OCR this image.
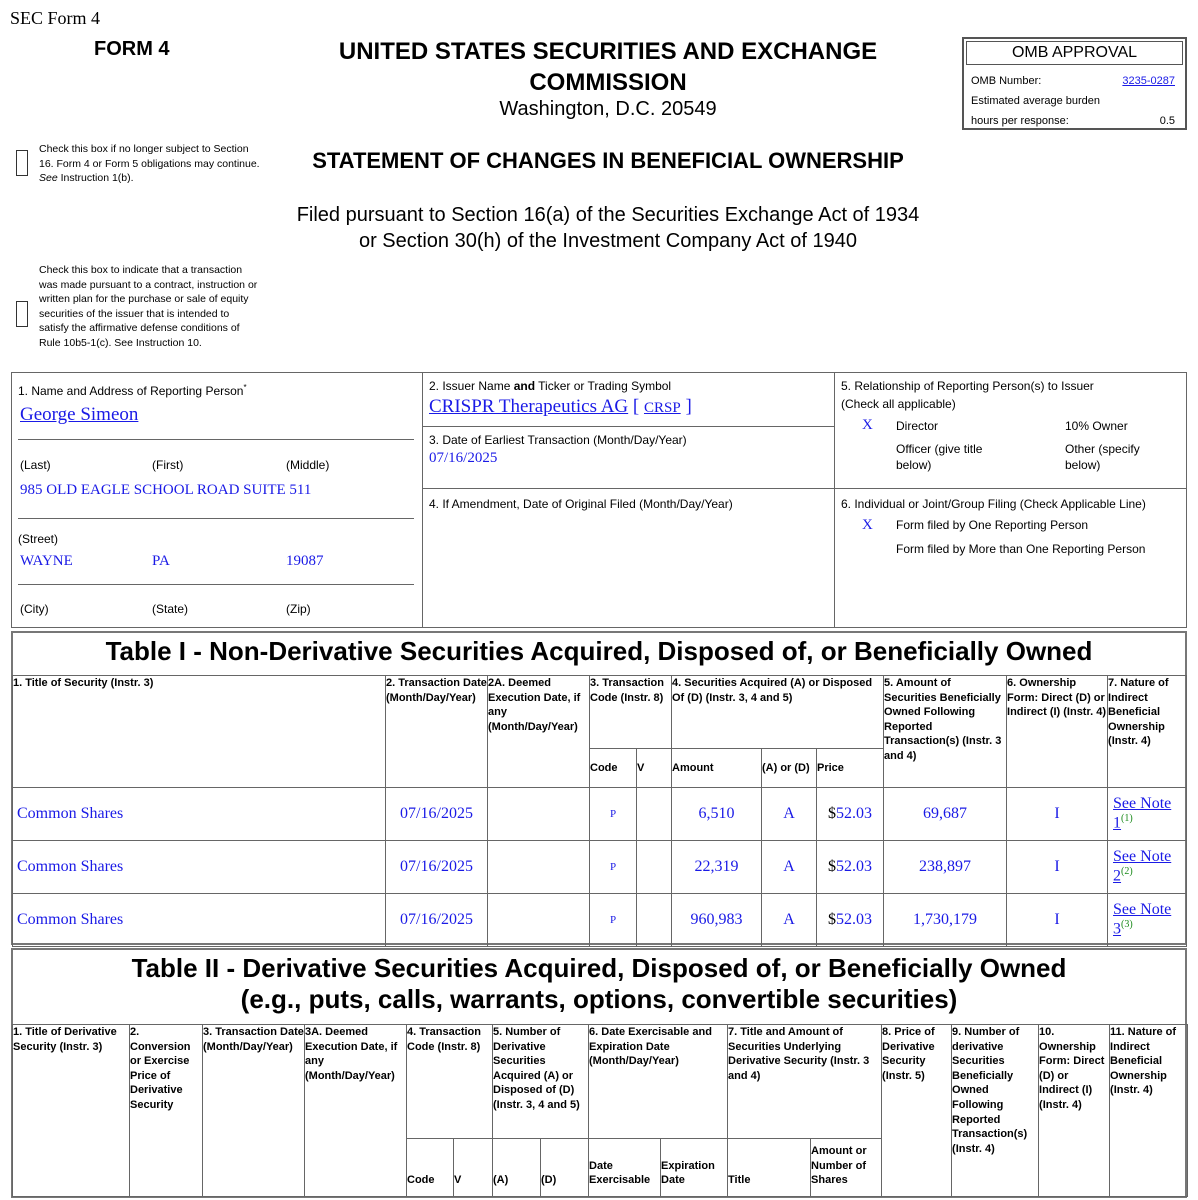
SEC Form 4
FORM 4	UNITED STATES SECURITIES AND EXCHANGE
COMMISSION
Washington, D.C. 20549
STATEMENT OF CHANGES IN BENEFICIAL OWNERSHIP
Filed pursuant to Section 16(a) of the Securities Exchange Act of 1934
or Section 30(h) of the Investment Company Act of 1940
OMB APPROVAL
OMB Number:	3235-0287
Estimated average burden
hours per response:	0.5
Check this box if no longer subject to Section 16. Form 4 or Form 5 obligations may continue. See Instruction 1(b).
Check this box to indicate that a transaction was made pursuant to a contract, instruction or written plan for the purchase or sale of equity securities of the issuer that is intended to satisfy the affirmative defense conditions of Rule 10b5-1(c). See Instruction 10.
1. Name and Address of Reporting Person*
George Simeon
(Last)	(First)	(Middle)
985 OLD EAGLE SCHOOL ROAD SUITE 511
(Street)
WAYNE	PA	19087
(City)	(State)	(Zip)
2. Issuer Name and Ticker or Trading Symbol
CRISPR Therapeutics AG [ CRSP ]
3. Date of Earliest Transaction (Month/Day/Year)
07/16/2025
4. If Amendment, Date of Original Filed (Month/Day/Year)
5. Relationship of Reporting Person(s) to Issuer
(Check all applicable)
X Director	10% Owner
Officer (give title
below)
Other (specify
below)
6. Individual or Joint/Group Filing (Check Applicable Line)
X Form filed by One Reporting Person
Form filed by More than One Reporting Person
Table I - Non-Derivative Securities Acquired, Disposed of, or Beneficially Owned
1. Title of Security (Instr. 3)	2. Transaction Date (Month/Day/Year)	2A. Deemed Execution Date, if any (Month/Day/Year)	3. Transaction Code (Instr. 8)		4. Securities Acquired (A) or Disposed Of (D) (Instr. 3, 4 and 5)			5. Amount of Securities Beneficially Owned Following Reported Transaction(s) (Instr. 3 and 4)	6. Ownership Form: Direct (D) or Indirect (I) (Instr. 4)	7. Nature of Indirect Beneficial Ownership (Instr. 4)
			Code	V	Amount	(A) or (D)	Price			
Common Shares	07/16/2025		P		6,510	A	$52.03	69,687	I	See Note
1$^{(1)}$
Common Shares	07/16/2025		P		22,319	A	$52.03	238,897	I	See Note
2$^{(2)}$
Common Shares	07/16/2025		P		960,983	A	$52.03	1,730,179	I	See Note
3$^{(3)}$
Table II - Derivative Securities Acquired, Disposed of, or Beneficially Owned
(e.g., puts, calls, warrants, options, convertible securities)
1. Title of Derivative Security (Instr. 3)	2. Conversion or Exercise Price of Derivative Security	3. Transaction Date (Month/Day/Year)	3A. Deemed Execution Date, if any (Month/Day/Year)	4. Transaction Code (Instr. 8)		5. Number of Derivative Securities Acquired (A) or Disposed of (D) (Instr. 3, 4 and 5)		6. Date Exercisable and Expiration Date (Month/Day/Year)		7. Title and Amount of Securities Underlying Derivative Security (Instr. 3 and 4)		8. Price of Derivative Security (Instr. 5)	9. Number of derivative Securities Beneficially Owned Following Reported Transaction(s) (Instr. 4)	10. Ownership Form: Direct (D) or Indirect (I) (Instr. 4)	11. Nature of Indirect Beneficial Ownership (Instr. 4)
				Code	V	(A)	(D)	Date Exercisable	Expiration Date	Title	Amount or Number of Shares				
